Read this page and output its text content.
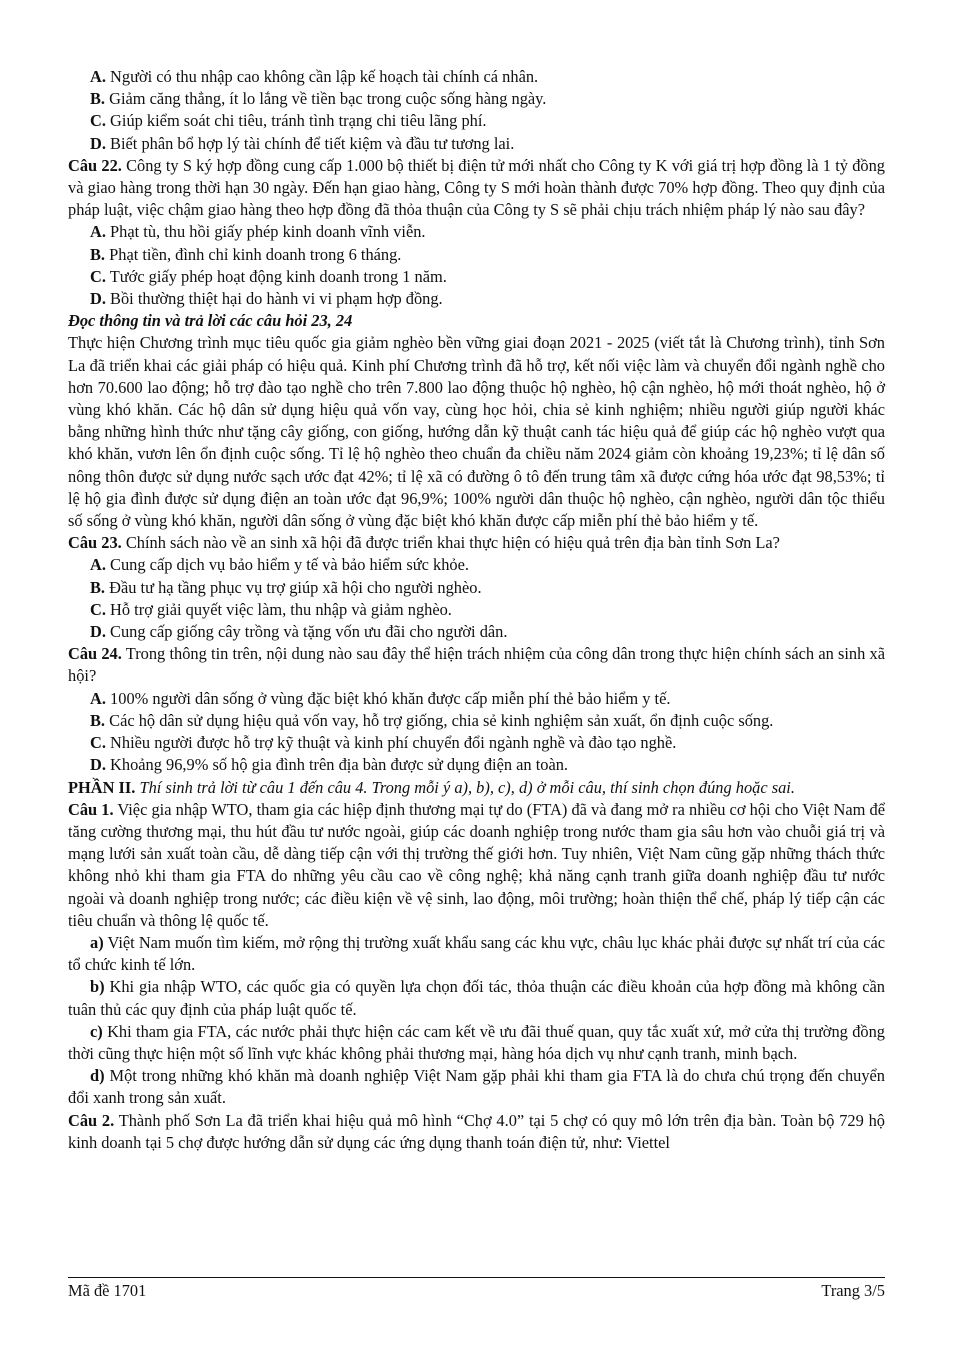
A. Người có thu nhập cao không cần lập kế hoạch tài chính cá nhân.

B. Giảm căng thẳng, ít lo lắng về tiền bạc trong cuộc sống hàng ngày.

C. Giúp kiểm soát chi tiêu, tránh tình trạng chi tiêu lãng phí.

D. Biết phân bổ hợp lý tài chính để tiết kiệm và đầu tư tương lai.

Câu 22. Công ty S ký hợp đồng cung cấp 1.000 bộ thiết bị điện tử mới nhất cho Công ty K với giá trị hợp đồng là 1 tỷ đồng và giao hàng trong thời hạn 30 ngày. Đến hạn giao hàng, Công ty S mới hoàn thành được 70% hợp đồng. Theo quy định của pháp luật, việc chậm giao hàng theo hợp đồng đã thỏa thuận của Công ty S sẽ phải chịu trách nhiệm pháp lý nào sau đây?

A. Phạt tù, thu hồi giấy phép kinh doanh vĩnh viễn.

B. Phạt tiền, đình chỉ kinh doanh trong 6 tháng.

C. Tước giấy phép hoạt động kinh doanh trong 1 năm.

D. Bồi thường thiệt hại do hành vi vi phạm hợp đồng.

Đọc thông tin và trả lời các câu hỏi 23, 24

Thực hiện Chương trình mục tiêu quốc gia giảm nghèo bền vững giai đoạn 2021 - 2025 (viết tắt là Chương trình), tỉnh Sơn La đã triển khai các giải pháp có hiệu quả. Kinh phí Chương trình đã hỗ trợ, kết nối việc làm và chuyển đổi ngành nghề cho hơn 70.600 lao động; hỗ trợ đào tạo nghề cho trên 7.800 lao động thuộc hộ nghèo, hộ cận nghèo, hộ mới thoát nghèo, hộ ở vùng khó khăn. Các hộ dân sử dụng hiệu quả vốn vay, cùng học hỏi, chia sẻ kinh nghiệm; nhiều người giúp người khác bằng những hình thức như tặng cây giống, con giống, hướng dẫn kỹ thuật canh tác hiệu quả để giúp các hộ nghèo vượt qua khó khăn, vươn lên ổn định cuộc sống. Tỉ lệ hộ nghèo theo chuẩn đa chiều năm 2024 giảm còn khoảng 19,23%; tỉ lệ dân số nông thôn được sử dụng nước sạch ước đạt 42%; tỉ lệ xã có đường ô tô đến trung tâm xã được cứng hóa ước đạt 98,53%; tỉ lệ hộ gia đình được sử dụng điện an toàn ước đạt 96,9%; 100% người dân thuộc hộ nghèo, cận nghèo, người dân tộc thiểu số sống ở vùng khó khăn, người dân sống ở vùng đặc biệt khó khăn được cấp miễn phí thẻ bảo hiểm y tế.

Câu 23. Chính sách nào về an sinh xã hội đã được triển khai thực hiện có hiệu quả trên địa bàn tỉnh Sơn La?

A. Cung cấp dịch vụ bảo hiểm y tế và bảo hiểm sức khỏe.

B. Đầu tư hạ tầng phục vụ trợ giúp xã hội cho người nghèo.

C. Hỗ trợ giải quyết việc làm, thu nhập và giảm nghèo.

D. Cung cấp giống cây trồng và tặng vốn ưu đãi cho người dân.

Câu 24. Trong thông tin trên, nội dung nào sau đây thể hiện trách nhiệm của công dân trong thực hiện chính sách an sinh xã hội?

A. 100% người dân sống ở vùng đặc biệt khó khăn được cấp miễn phí thẻ bảo hiểm y tế.

B. Các hộ dân sử dụng hiệu quả vốn vay, hỗ trợ giống, chia sẻ kinh nghiệm sản xuất, ổn định cuộc sống.

C. Nhiều người được hỗ trợ kỹ thuật và kinh phí chuyển đổi ngành nghề và đào tạo nghề.

D. Khoảng 96,9% số hộ gia đình trên địa bàn được sử dụng điện an toàn.

PHẦN II. Thí sinh trả lời từ câu 1 đến câu 4. Trong mỗi ý a), b), c), d) ở mỗi câu, thí sinh chọn đúng hoặc sai.

Câu 1. Việc gia nhập WTO, tham gia các hiệp định thương mại tự do (FTA) đã và đang mở ra nhiều cơ hội cho Việt Nam để tăng cường thương mại, thu hút đầu tư nước ngoài, giúp các doanh nghiệp trong nước tham gia sâu hơn vào chuỗi giá trị và mạng lưới sản xuất toàn cầu, dễ dàng tiếp cận với thị trường thế giới hơn. Tuy nhiên, Việt Nam cũng gặp những thách thức không nhỏ khi tham gia FTA do những yêu cầu cao về công nghệ; khả năng cạnh tranh giữa doanh nghiệp đầu tư nước ngoài và doanh nghiệp trong nước; các điều kiện về vệ sinh, lao động, môi trường; hoàn thiện thể chế, pháp lý tiếp cận các tiêu chuẩn và thông lệ quốc tế.

a) Việt Nam muốn tìm kiếm, mở rộng thị trường xuất khẩu sang các khu vực, châu lục khác phải được sự nhất trí của các tổ chức kinh tế lớn.

b) Khi gia nhập WTO, các quốc gia có quyền lựa chọn đối tác, thỏa thuận các điều khoản của hợp đồng mà không cần tuân thủ các quy định của pháp luật quốc tế.

c) Khi tham gia FTA, các nước phải thực hiện các cam kết về ưu đãi thuế quan, quy tắc xuất xứ, mở cửa thị trường đồng thời cũng thực hiện một số lĩnh vực khác không phải thương mại, hàng hóa dịch vụ như cạnh tranh, minh bạch.

d) Một trong những khó khăn mà doanh nghiệp Việt Nam gặp phải khi tham gia FTA là do chưa chú trọng đến chuyển đổi xanh trong sản xuất.

Câu 2. Thành phố Sơn La đã triển khai hiệu quả mô hình “Chợ 4.0” tại 5 chợ có quy mô lớn trên địa bàn. Toàn bộ 729 hộ kinh doanh tại 5 chợ được hướng dẫn sử dụng các ứng dụng thanh toán điện tử, như: Viettel

Mã đề 1701	Trang 3/5
